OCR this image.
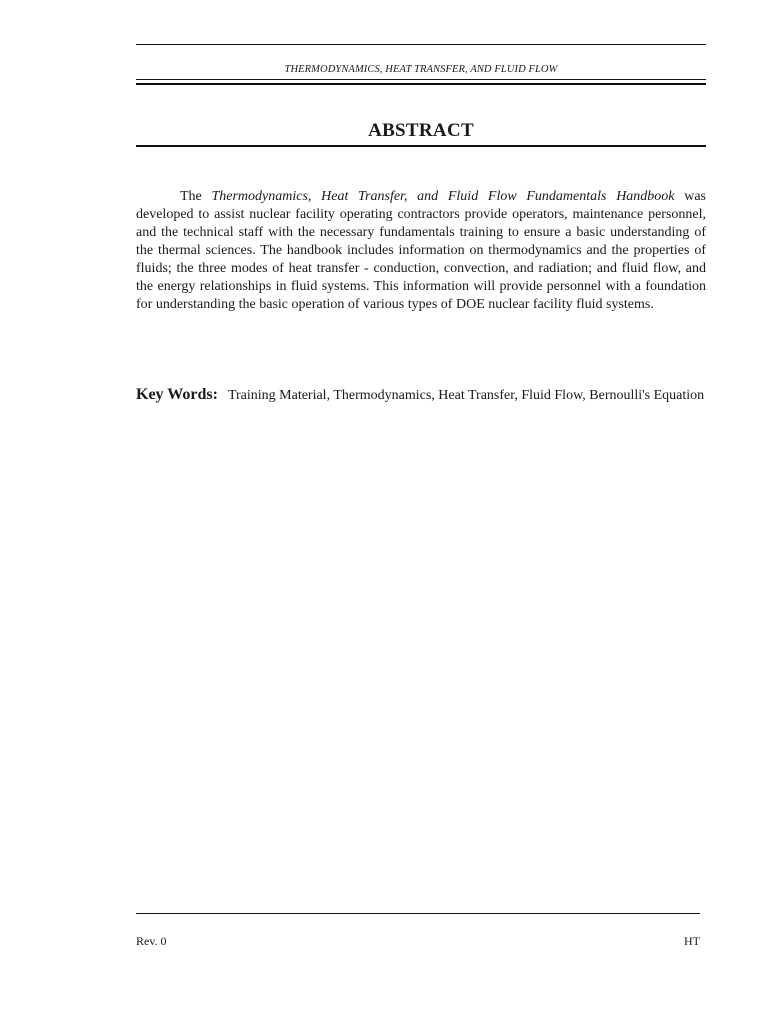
THERMODYNAMICS, HEAT TRANSFER, AND FLUID FLOW
ABSTRACT

The Thermodynamics, Heat Transfer, and Fluid Flow Fundamentals Handbook was developed to assist nuclear facility operating contractors provide operators, maintenance personnel, and the technical staff with the necessary fundamentals training to ensure a basic understanding of the thermal sciences. The handbook includes information on thermodynamics and the properties of fluids; the three modes of heat transfer - conduction, convection, and radiation; and fluid flow, and the energy relationships in fluid systems. This information will provide personnel with a foundation for understanding the basic operation of various types of DOE nuclear facility fluid systems.

Key Words: Training Material, Thermodynamics, Heat Transfer, Fluid Flow, Bernoulli's Equation

Rev. 0	HT
